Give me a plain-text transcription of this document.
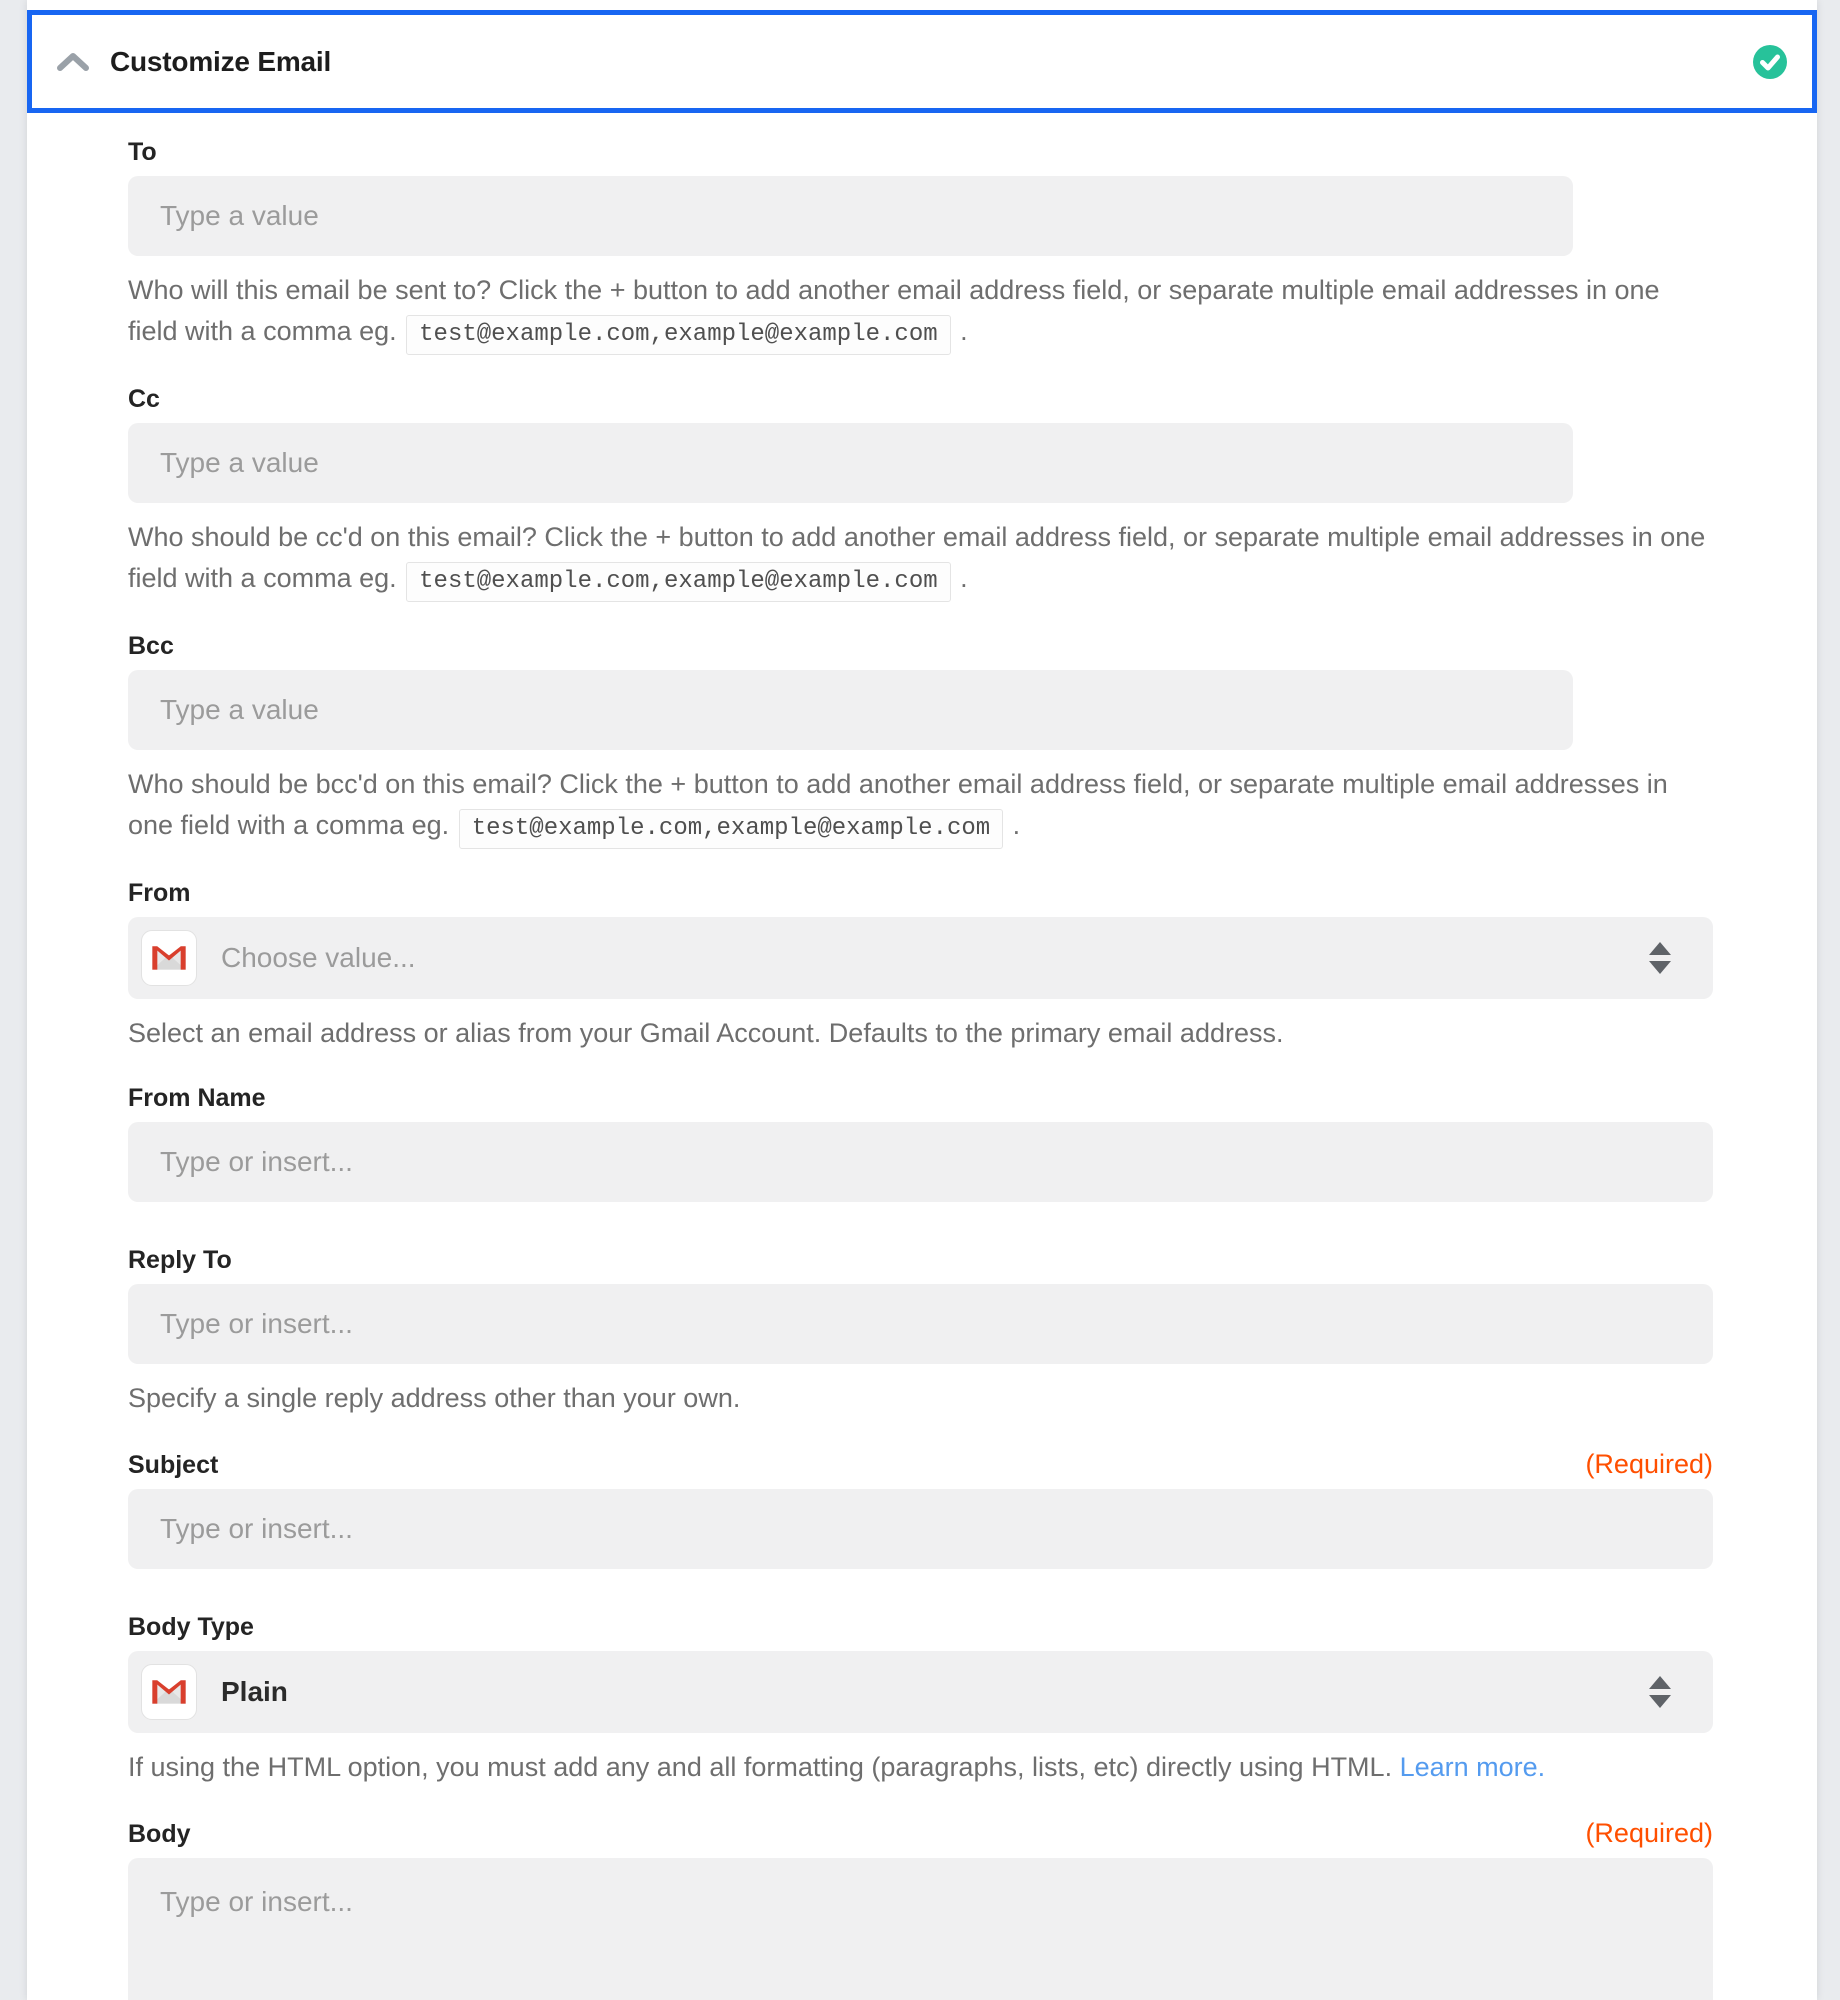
Customize Email
To
Type a value

Who will this email be sent to? Click the + button to add another email address field, or separate multiple email addresses in one field with a comma eg. test@example.com,example@example.com .

Cc
Type a value

Who should be cc'd on this email? Click the + button to add another email address field, or separate multiple email addresses in one field with a comma eg. test@example.com,example@example.com .

Bcc
Type a value

Who should be bcc'd on this email? Click the + button to add another email address field, or separate multiple email addresses in one field with a comma eg. test@example.com,example@example.com .

From
Choose value...

Select an email address or alias from your Gmail Account. Defaults to the primary email address.

From Name
Type or insert...
Reply To
Type or insert...

Specify a single reply address other than your own.

Subject	(Required)
Type or insert...
Body Type
Plain

If using the HTML option, you must add any and all formatting (paragraphs, lists, etc) directly using HTML. Learn more.

Body	(Required)
Type or insert...
